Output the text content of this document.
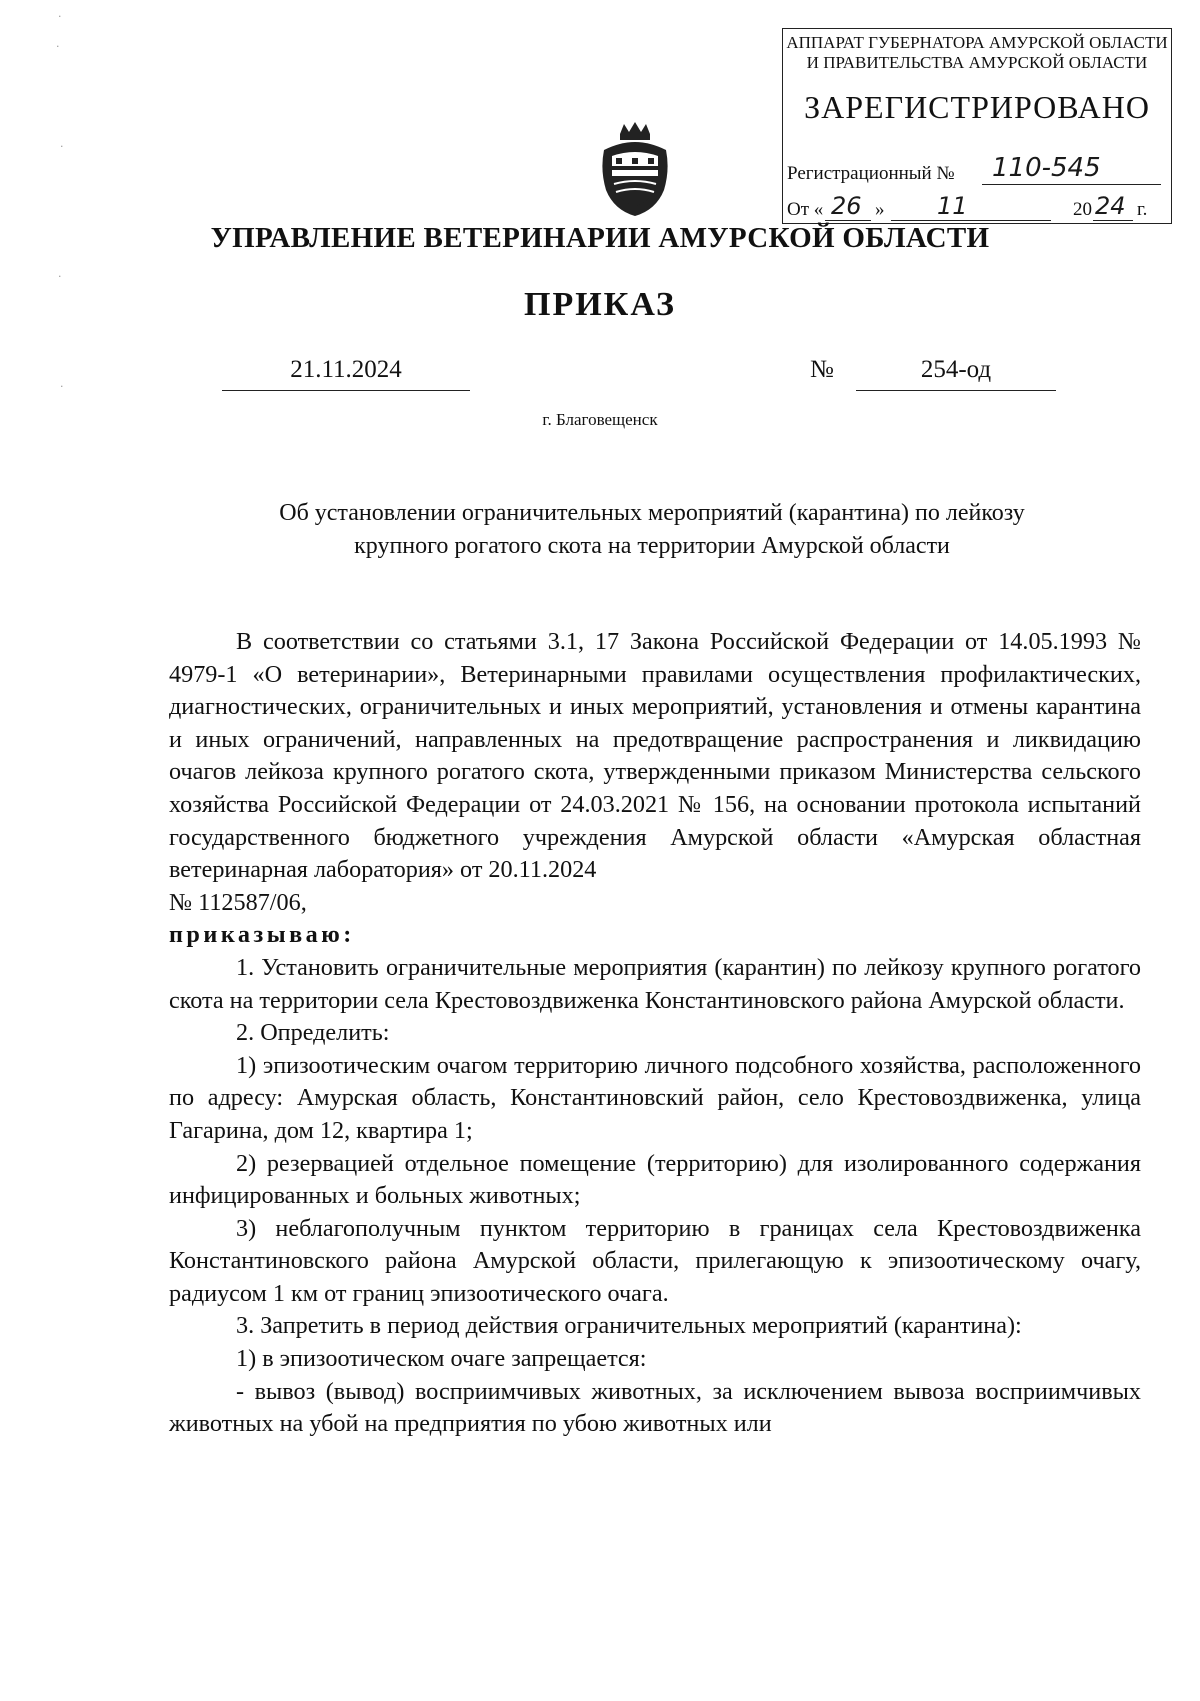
АППАРАТ ГУБЕРНАТОРА АМУРСКОЙ ОБЛАСТИ
И ПРАВИТЕЛЬСТВА АМУРСКОЙ ОБЛАСТИ
ЗАРЕГИСТРИРОВАНО
Регистрационный № 110-545
От « 26 » 11	20 24 г.
УПРАВЛЕНИЕ ВЕТЕРИНАРИИ АМУРСКОЙ ОБЛАСТИ
ПРИКАЗ
21.11.2024	№	254-од
г. Благовещенск
Об установлении ограничительных мероприятий (карантина) по лейкозу
крупного рогатого скота на территории Амурской области

В соответствии со статьями 3.1, 17 Закона Российской Федерации от 14.05.1993 № 4979-1 «О ветеринарии», Ветеринарными правилами осуществления профилактических, диагностических, ограничительных и иных мероприятий, установления и отмены карантина и иных ограничений, направленных на предотвращение распространения и ликвидацию очагов лейкоза крупного рогатого скота, утвержденными приказом Министерства сельского хозяйства Российской Федерации от 24.03.2021 № 156, на основании протокола испытаний государственного бюджетного учреждения Амурской области «Амурская областная ветеринарная лаборатория» от 20.11.2024

№ 112587/06,

приказываю:

1. Установить ограничительные мероприятия (карантин) по лейкозу крупного рогатого скота на территории села Крестовоздвиженка Константиновского района Амурской области.

2. Определить:

1) эпизоотическим очагом территорию личного подсобного хозяйства, расположенного по адресу: Амурская область, Константиновский район, село Крестовоздвиженка, улица Гагарина, дом 12, квартира 1;

2) резервацией отдельное помещение (территорию) для изолированного содержания инфицированных и больных животных;

3) неблагополучным пунктом территорию в границах села Крестовоздвиженка Константиновского района Амурской области, прилегающую к эпизоотическому очагу, радиусом 1 км от границ эпизоотического очага.

3. Запретить в период действия ограничительных мероприятий (карантина):

1) в эпизоотическом очаге запрещается:

- вывоз (вывод) восприимчивых животных, за исключением вывоза восприимчивых животных на убой на предприятия по убою животных или

·
·
·
·
·
